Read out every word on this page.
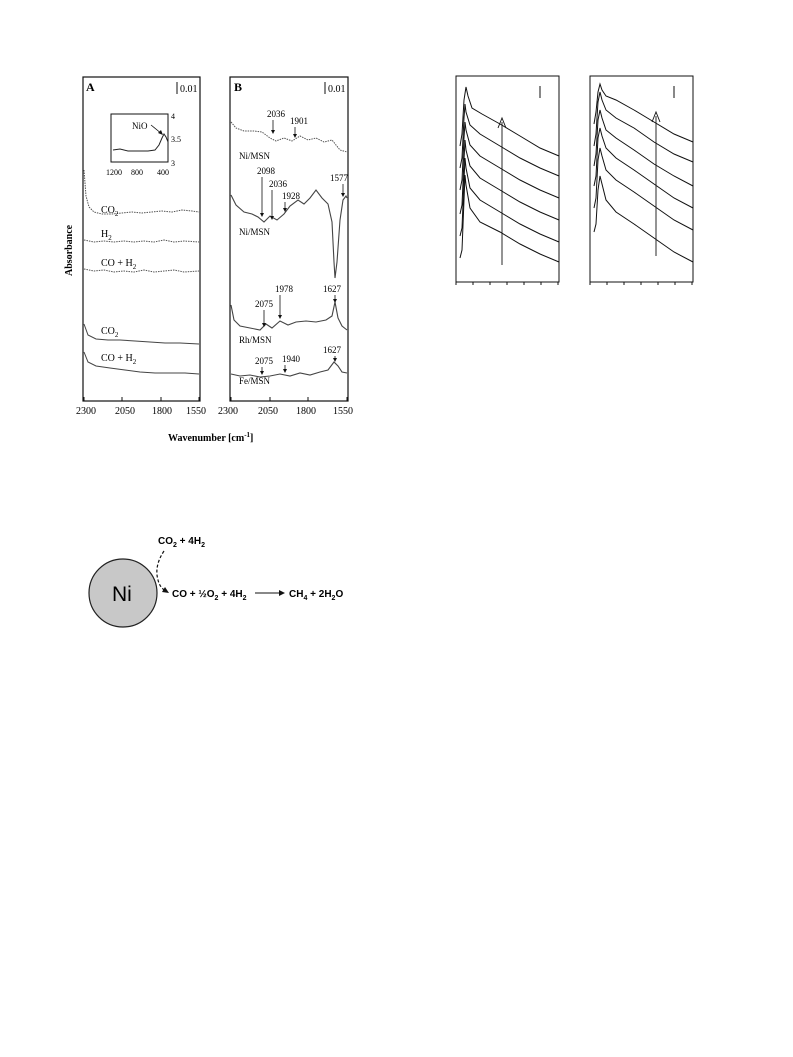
A	0.01
NiO
4
3.5
3
1200 800 400
$CO_2$
$H_2$
CO + $H_2$
$CO_2$
CO + $H_2$
2300 2050 1800 1550
Absorbance
B	0.01
2036
1901
Ni/MSN
2098
2036
1928
1577
Ni/MSN
2075
1978	1627
Rh/MSN
2075 1940
1627
Fe/MSN
2300 2050 1800 1550
Wavenumber $[cm^{-1}]$
Ni
$CO_2 + 4H_2$
CO + $\frac{1}{2}O_2 + 4H_2$	$CH_4 + 2H_2O$
